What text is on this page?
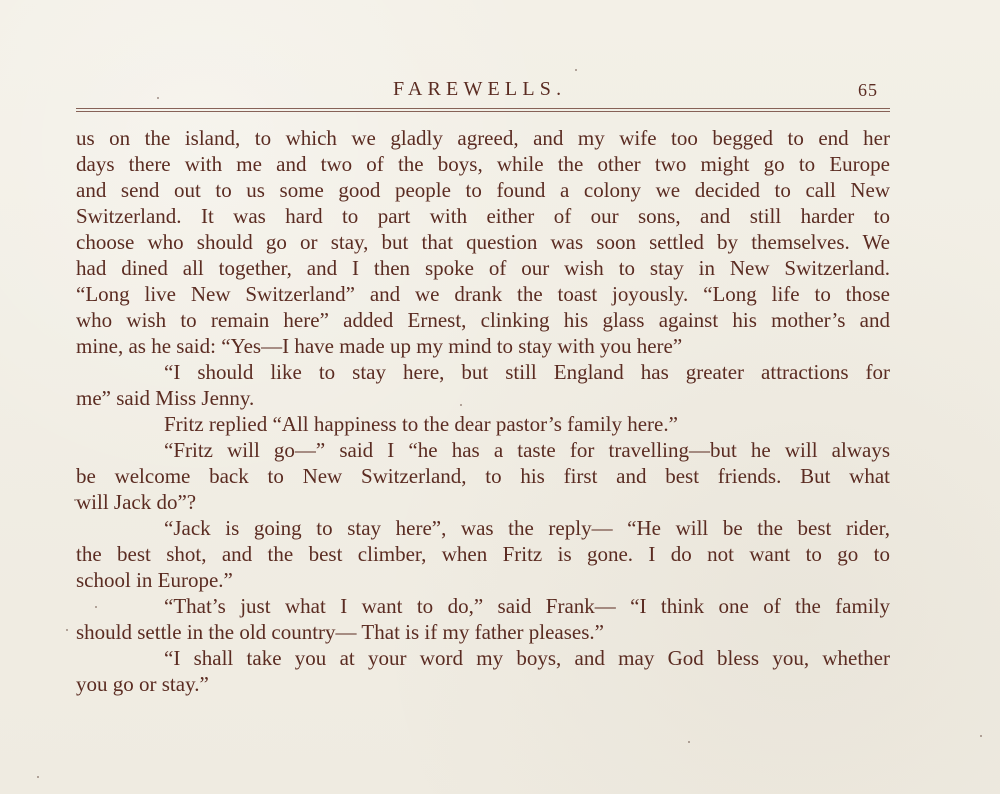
FAREWELLS.	65
us on the island, to which we gladly agreed, and my wife too begged to end her
days there with me and two of the boys, while the other two might go to Europe
and send out to us some good people to found a colony we decided to call New
Switzerland. It was hard to part with either of our sons, and still harder to
choose who should go or stay, but that question was soon settled by themselves. We
had dined all together, and I then spoke of our wish to stay in New Switzerland.
“Long live New Switzerland” and we drank the toast joyously. “Long life to those
who wish to remain here” added Ernest, clinking his glass against his mother’s and
mine, as he said: “Yes—I have made up my mind to stay with you here”
“I should like to stay here, but still England has greater attractions for
me” said Miss Jenny.
Fritz replied “All happiness to the dear pastor’s family here.”
“Fritz will go—” said I “he has a taste for travelling—but he will always
be welcome back to New Switzerland, to his first and best friends. But what
will Jack do”?
“Jack is going to stay here”, was the reply— “He will be the best rider,
the best shot, and the best climber, when Fritz is gone. I do not want to go to
school in Europe.”
“That’s just what I want to do,” said Frank— “I think one of the family
should settle in the old country— That is if my father pleases.”
“I shall take you at your word my boys, and may God bless you, whether
you go or stay.”
